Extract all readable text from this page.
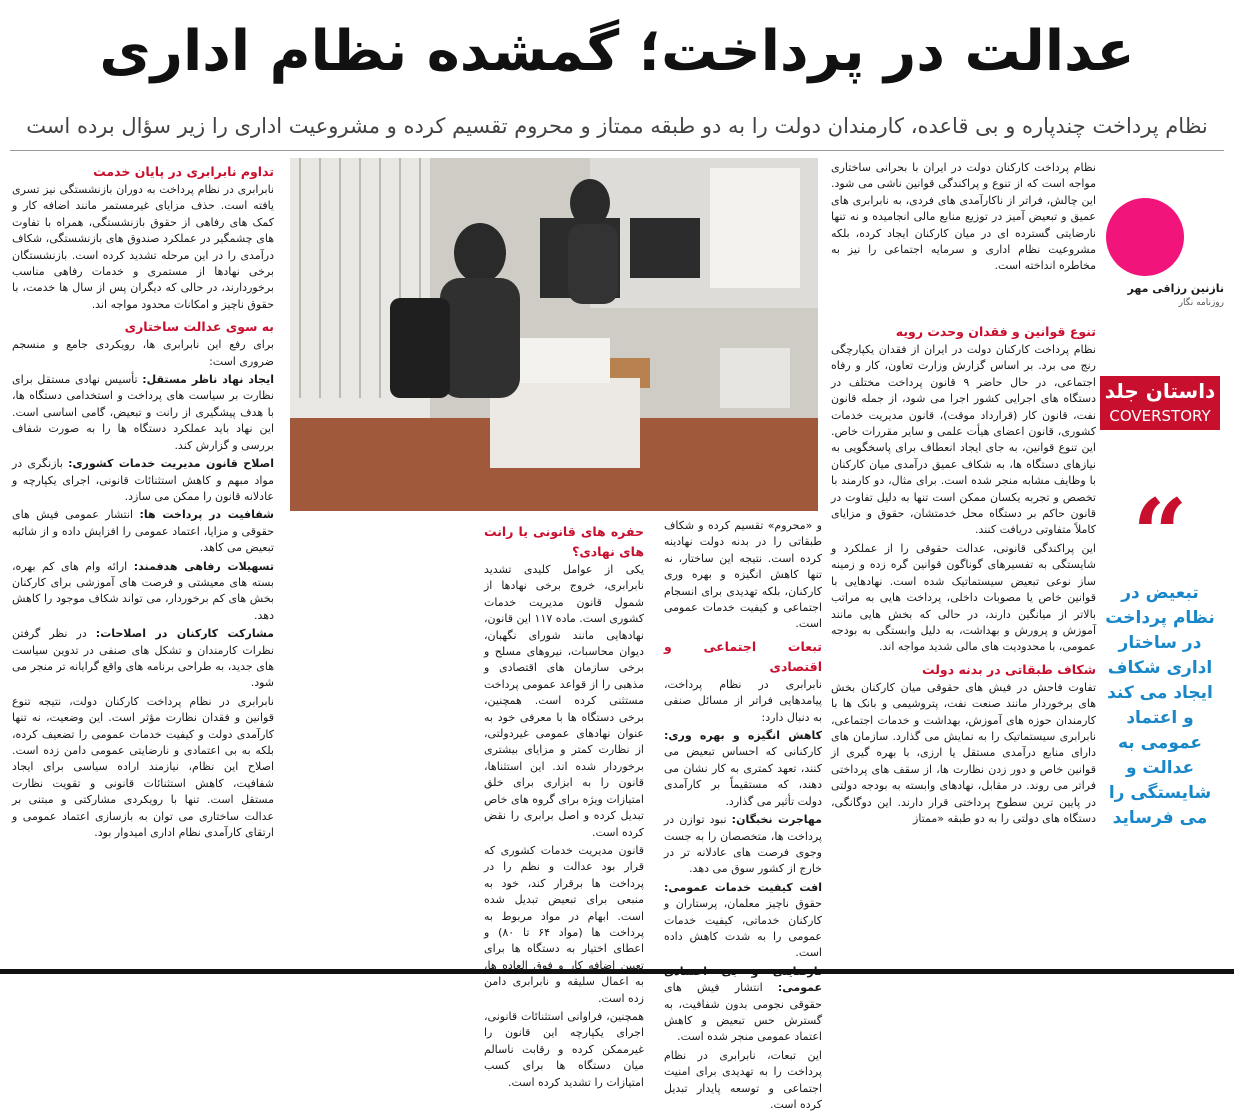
عدالت در پرداخت؛ گمشده نظام اداری
نظام پرداخت چندپاره و بی قاعده، کارمندان دولت را به دو طبقه ممتاز و محروم تقسیم کرده و مشروعیت اداری را زیر سؤال برده است

نظام پرداخت کارکنان دولت در ایران با بحرانی ساختاری مواجه است که از تنوع و پراکندگی قوانین ناشی می شود. این چالش، فراتر از ناکارآمدی های فردی، به نابرابری های عمیق و تبعیض آمیز در توزیع منابع مالی انجامیده و نه تنها نارضایتی گسترده ای در میان کارکنان ایجاد کرده، بلکه مشروعیت نظام اداری و سرمایه اجتماعی را نیز به مخاطره انداخته است.

نازنین رزاقی مهر
روزنامه نگار
داستان جلد
COVERSTORY
“
تبعیض در نظام پرداخت در ساختار اداری شکاف ایجاد می کند و اعتماد عمومی به عدالت و شایستگی را می فرساید

تنوع قوانین و فقدان وحدت رویه

نظام پرداخت کارکنان دولت در ایران از فقدان یکپارچگی رنج می برد. بر اساس گزارش وزارت تعاون، کار و رفاه اجتماعی، در حال حاضر ۹ قانون پرداخت مختلف در دستگاه های اجرایی کشور اجرا می شود، از جمله قانون نفت، قانون کار (قرارداد موقت)، قانون مدیریت خدمات کشوری، قانون اعضای هیأت علمی و سایر مقررات خاص. این تنوع قوانین، به جای ایجاد انعطاف برای پاسخگویی به نیازهای دستگاه ها، به شکاف عمیق درآمدی میان کارکنان با وظایف مشابه منجر شده است. برای مثال، دو کارمند با تخصص و تجربه یکسان ممکن است تنها به دلیل تفاوت در قانون حاکم بر دستگاه محل خدمتشان، حقوق و مزایای کاملاً متفاوتی دریافت کنند.

این پراکندگی قانونی، عدالت حقوقی را از عملکرد و شایستگی به تفسیرهای گوناگون قوانین گره زده و زمینه ساز نوعی تبعیض سیستماتیک شده است. نهادهایی با قوانین خاص یا مصوبات داخلی، پرداخت هایی به مراتب بالاتر از میانگین دارند، در حالی که بخش هایی مانند آموزش و پرورش و بهداشت، به دلیل وابستگی به بودجه عمومی، با محدودیت های مالی شدید مواجه اند.

شکاف طبقاتی در بدنه دولت

تفاوت فاحش در فیش های حقوقی میان کارکنان بخش های برخوردار مانند صنعت نفت، پتروشیمی و بانک ها با کارمندان حوزه های آموزش، بهداشت و خدمات اجتماعی، نابرابری سیستماتیک را به نمایش می گذارد. سازمان های دارای منابع درآمدی مستقل یا ارزی، با بهره گیری از قوانین خاص و دور زدن نظارت ها، از سقف های پرداختی فراتر می روند. در مقابل، نهادهای وابسته به بودجه دولتی در پایین ترین سطوح پرداختی قرار دارند. این دوگانگی، دستگاه های دولتی را به دو طبقه «ممتاز

و «محروم» تقسیم کرده و شکاف طبقاتی را در بدنه دولت نهادینه کرده است. نتیجه این ساختار، نه تنها کاهش انگیزه و بهره وری کارکنان، بلکه تهدیدی برای انسجام اجتماعی و کیفیت خدمات عمومی است.

تبعات اجتماعی و اقتصادی

نابرابری در نظام پرداخت، پیامدهایی فراتر از مسائل صنفی به دنبال دارد:

کاهش انگیزه و بهره وری: کارکنانی که احساس تبعیض می کنند، تعهد کمتری به کار نشان می دهند، که مستقیماً بر کارآمدی دولت تأثیر می گذارد.

مهاجرت نخبگان: نبود توازن در پرداخت ها، متخصصان را به جست وجوی فرصت های عادلانه تر در خارج از کشور سوق می دهد.

افت کیفیت خدمات عمومی: حقوق ناچیز معلمان، پرستاران و کارکنان خدماتی، کیفیت خدمات عمومی را به شدت کاهش داده است.

نارضایتی و بی اعتمادی عمومی: انتشار فیش های حقوقی نجومی بدون شفافیت، به گسترش حس تبعیض و کاهش اعتماد عمومی منجر شده است.

این تبعات، نابرابری در نظام پرداخت را به تهدیدی برای امنیت اجتماعی و توسعه پایدار تبدیل کرده است.

حفره های قانونی یا رانت های نهادی؟

یکی از عوامل کلیدی تشدید نابرابری، خروج برخی نهادها از شمول قانون مدیریت خدمات کشوری است. ماده ۱۱۷ این قانون، نهادهایی مانند شورای نگهبان، دیوان محاسبات، نیروهای مسلح و برخی سازمان های اقتصادی و مذهبی را از قواعد عمومی پرداخت مستثنی کرده است. همچنین، برخی دستگاه ها با معرفی خود به عنوان نهادهای عمومی غیردولتی، از نظارت کمتر و مزایای بیشتری برخوردار شده اند. این استثناها، قانون را به ابزاری برای خلق امتیازات ویژه برای گروه های خاص تبدیل کرده و اصل برابری را نقض کرده است.

قانون مدیریت خدمات کشوری که قرار بود عدالت و نظم را در پرداخت ها برقرار کند، خود به منبعی برای تبعیض تبدیل شده است. ابهام در مواد مربوط به پرداخت ها (مواد ۶۴ تا ۸۰) و اعطای اختیار به دستگاه ها برای تعیین اضافه کار و فوق العاده ها، به اعمال سلیقه و نابرابری دامن زده است.

همچنین، فراوانی استثنائات قانونی، اجرای یکپارچه این قانون را غیرممکن کرده و رقابت ناسالم میان دستگاه ها برای کسب امتیازات را تشدید کرده است.

تداوم نابرابری در پایان خدمت

نابرابری در نظام پرداخت به دوران بازنشستگی نیز تسری یافته است. حذف مزایای غیرمستمر مانند اضافه کار و کمک های رفاهی از حقوق بازنشستگی، همراه با تفاوت های چشمگیر در عملکرد صندوق های بازنشستگی، شکاف درآمدی را در این مرحله تشدید کرده است. بازنشستگان برخی نهادها از مستمری و خدمات رفاهی مناسب برخوردارند، در حالی که دیگران پس از سال ها خدمت، با حقوق ناچیز و امکانات محدود مواجه اند.

به سوی عدالت ساختاری

برای رفع این نابرابری ها، رویکردی جامع و منسجم ضروری است:

ایجاد نهاد ناظر مستقل: تأسیس نهادی مستقل برای نظارت بر سیاست های پرداخت و استخدامی دستگاه ها، با هدف پیشگیری از رانت و تبعیض، گامی اساسی است. این نهاد باید عملکرد دستگاه ها را به صورت شفاف بررسی و گزارش کند.

اصلاح قانون مدیریت خدمات کشوری: بازنگری در مواد مبهم و کاهش استثنائات قانونی، اجرای یکپارچه و عادلانه قانون را ممکن می سازد.

شفافیت در پرداخت ها: انتشار عمومی فیش های حقوقی و مزایا، اعتماد عمومی را افزایش داده و از شائبه تبعیض می کاهد.

تسهیلات رفاهی هدفمند: ارائه وام های کم بهره، بسته های معیشتی و فرصت های آموزشی برای کارکنان بخش های کم برخوردار، می تواند شکاف موجود را کاهش دهد.

مشارکت کارکنان در اصلاحات: در نظر گرفتن نظرات کارمندان و تشکل های صنفی در تدوین سیاست های جدید، به طراحی برنامه های واقع گرایانه تر منجر می شود.

نابرابری در نظام پرداخت کارکنان دولت، نتیجه تنوع قوانین و فقدان نظارت مؤثر است. این وضعیت، نه تنها کارآمدی دولت و کیفیت خدمات عمومی را تضعیف کرده، بلکه به بی اعتمادی و نارضایتی عمومی دامن زده است. اصلاح این نظام، نیازمند اراده سیاسی برای ایجاد شفافیت، کاهش استثنائات قانونی و تقویت نظارت مستقل است. تنها با رویکردی مشارکتی و مبتنی بر عدالت ساختاری می توان به بازسازی اعتماد عمومی و ارتقای کارآمدی نظام اداری امیدوار بود.
